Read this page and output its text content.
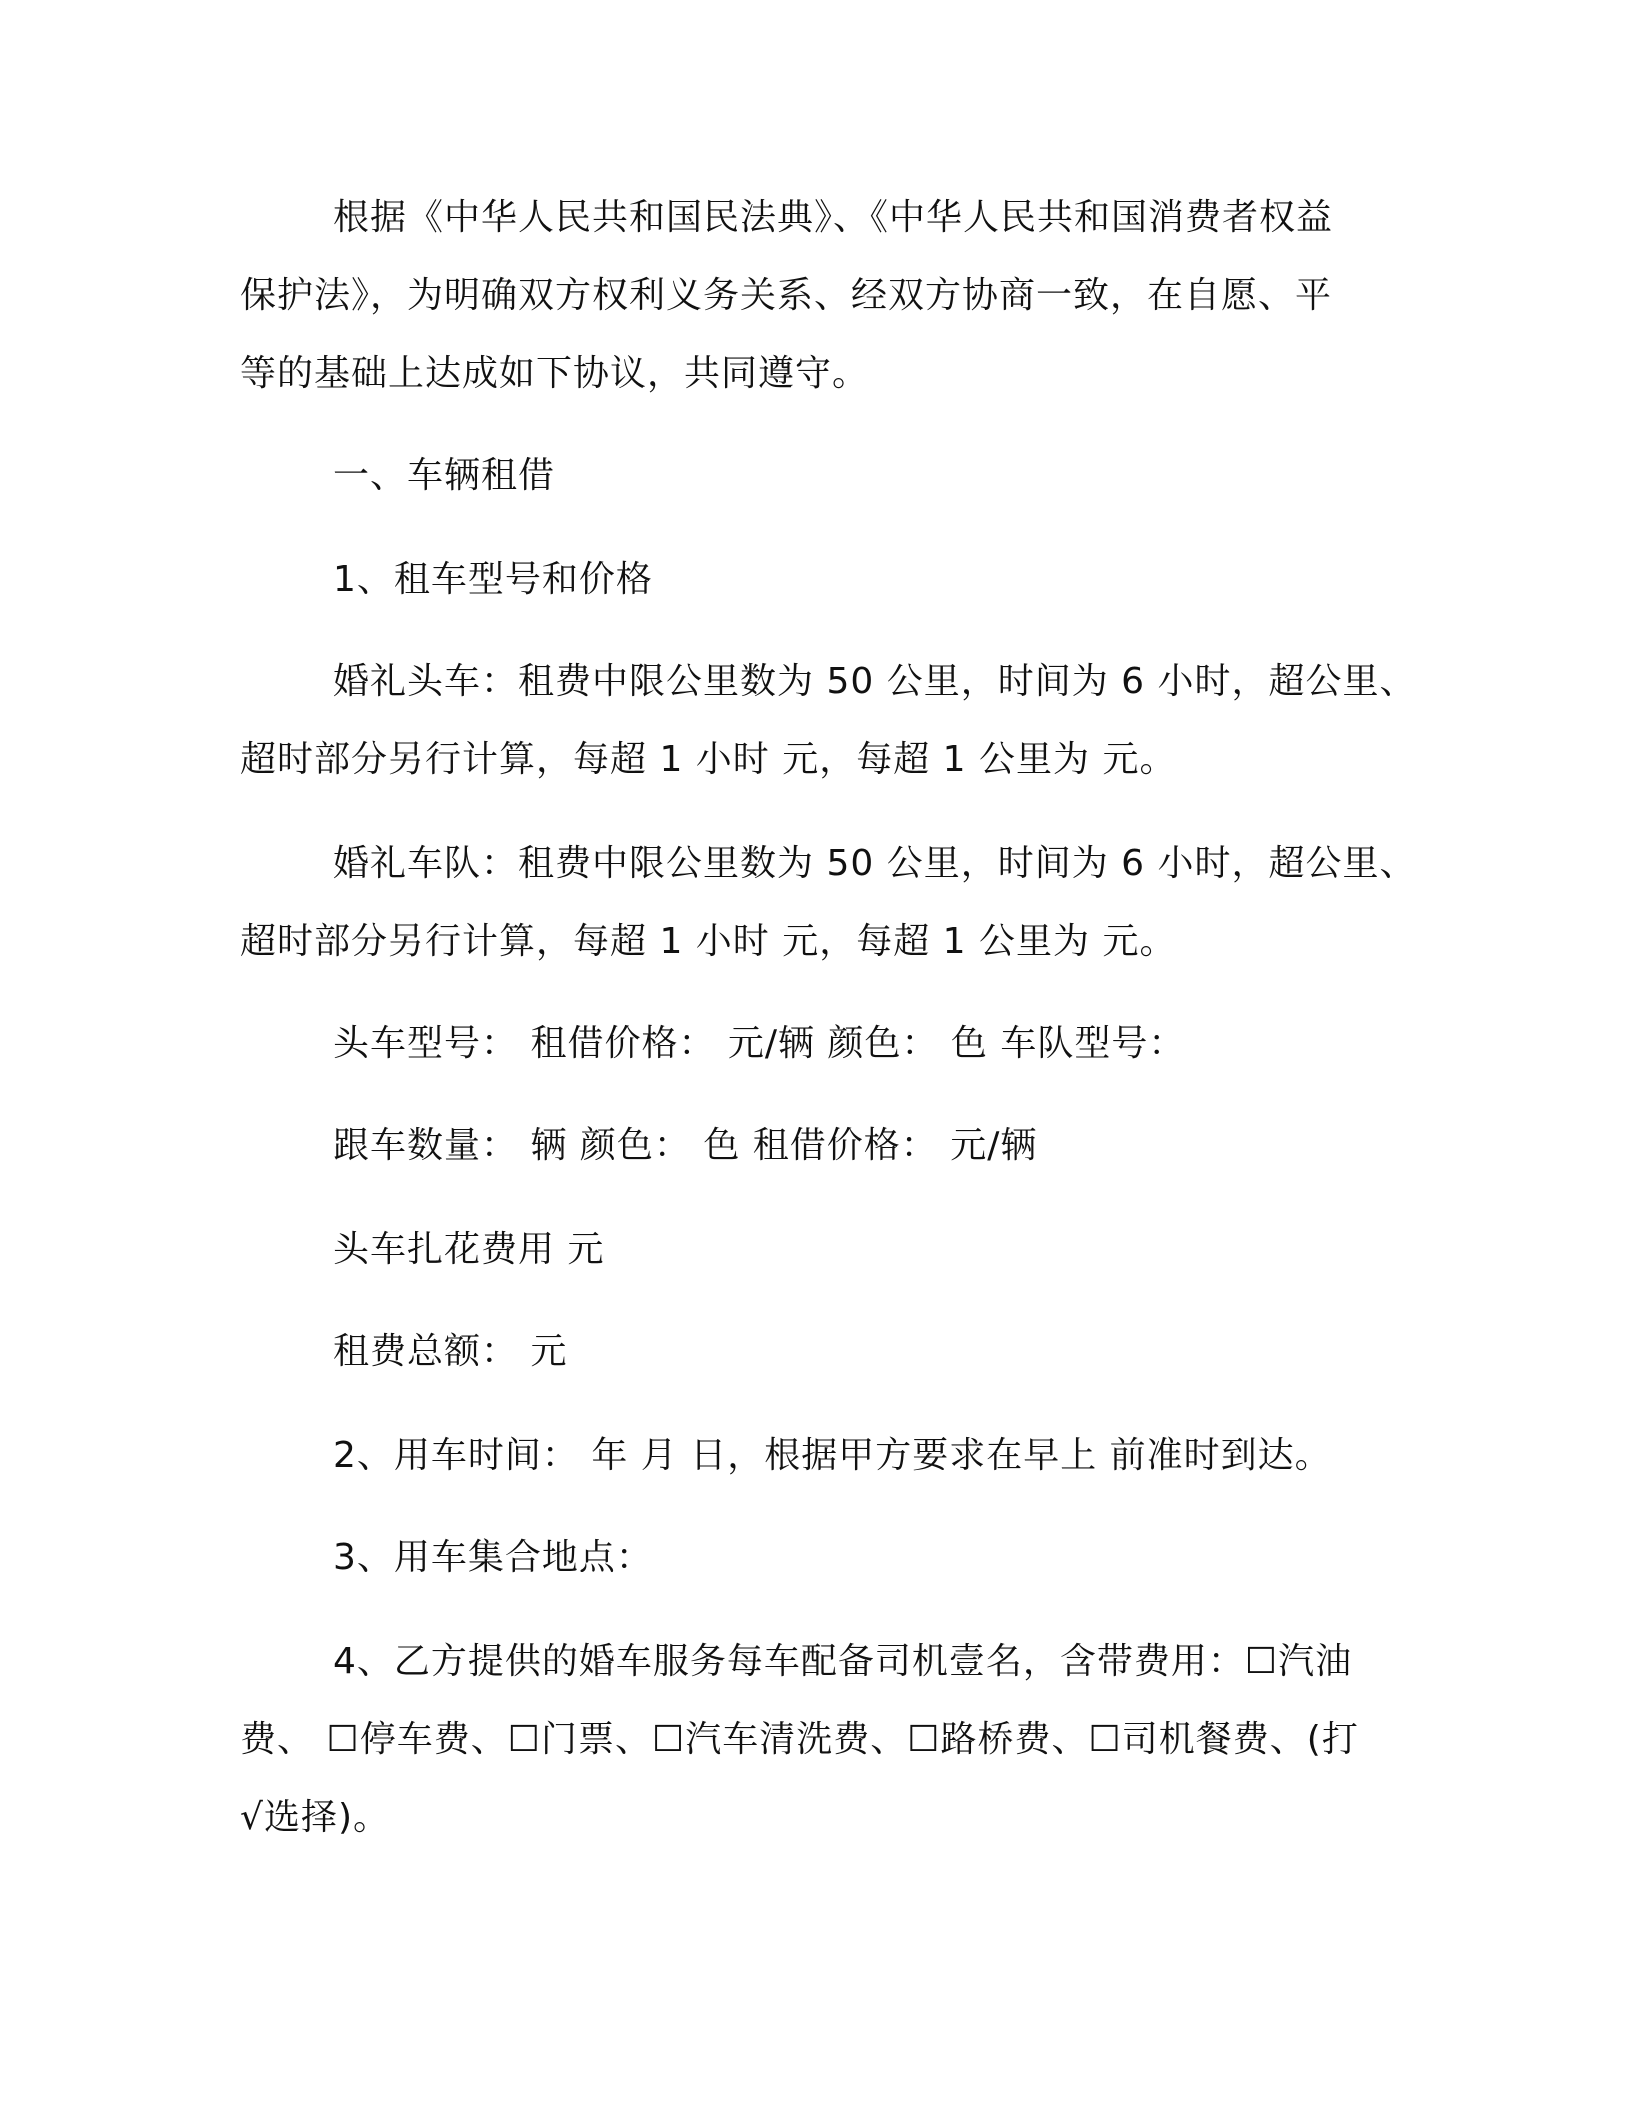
根据《中华人民共和国民法典》、《中华人民共和国消费者权益
保护法》，为明确双方权利义务关系、经双方协商一致，在自愿、平
等的基础上达成如下协议，共同遵守。
一、车辆租借
1、租车型号和价格
婚礼头车：租费中限公里数为 50 公里，时间为 6 小时，超公里、
超时部分另行计算，每超 1 小时 元，每超 1 公里为 元。
婚礼车队：租费中限公里数为 50 公里，时间为 6 小时，超公里、
超时部分另行计算，每超 1 小时 元，每超 1 公里为 元。
头车型号： 租借价格： 元/辆 颜色： 色 车队型号：
跟车数量： 辆 颜色： 色 租借价格： 元/辆
头车扎花费用 元
租费总额： 元
2、用车时间： 年 月 日，根据甲方要求在早上 前准时到达。
3、用车集合地点：
4、乙方提供的婚车服务每车配备司机壹名，含带费用：☐汽油
费、 ☐停车费、☐门票、☐汽车清洗费、☐路桥费、☐司机餐费、(打
√选择)。
